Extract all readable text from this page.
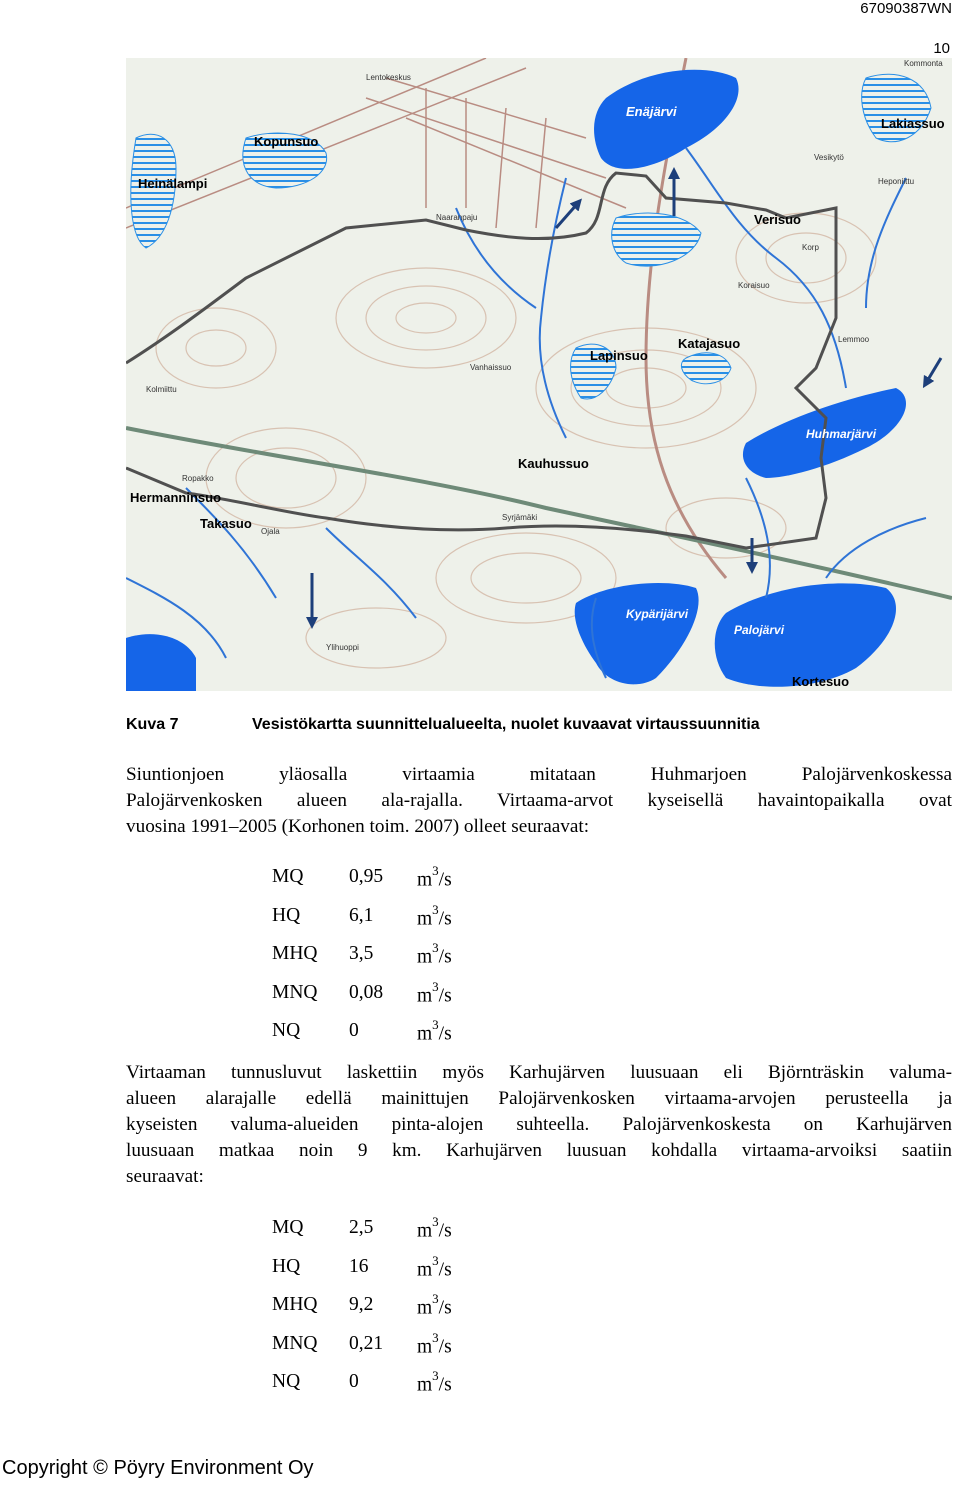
67090387WN
10
Lentokeskus
Enäjärvi
Kommonta
Lakiassuo
Kopunsuo
Heinälampi
Vesikytö
Heponiittu
Naaranpaju	Verisuo
Korp
Koraisuo
Lapinsuo
Katajasuo	Lemmoo
Vanhaissuo
Kolmiittu
Huhmarjärvi
Kauhussuo
Ropakko
Hermanninsuo
Syrjämäki
Takasuo
Ojala
Kypärijärvi
Palojärvi
Ylihuoppi
Kortesuo
Kuva 7	Vesistökartta suunnittelualueelta, nuolet kuvaavat virtaussuunnitia
Siuntionjoen yläosalla virtaamia mitataan Huhmarjoen Palojärvenkoskessa
Palojärvenkosken alueen ala-rajalla. Virtaama-arvot kyseisellä havaintopaikalla ovat
vuosina 1991–2005 (Korhonen toim. 2007) olleet seuraavat:
MQ 0,95 $m^3/s$
HQ	6,1 $m^3/s$
MHQ 3,5 $m^3/s$
MNQ 0,08 $m^3/s$
NQ	0	$m^3/s$
Virtaaman tunnusluvut laskettiin myös Karhujärven luusuaan eli Björnträskin valuma-
alueen alarajalle edellä mainittujen Palojärvenkosken virtaama-arvojen perusteella ja
kyseisten valuma-alueiden pinta-alojen suhteella. Palojärvenkoskesta on Karhujärven
luusuaan matkaa noin 9 km. Karhujärven luusuan kohdalla virtaama-arvoiksi saatiin
seuraavat:
MQ 2,5 $m^3/s$
HQ	16 $m^3/s$
MHQ 9,2 $m^3/s$
MNQ 0,21 $m^3/s$
NQ	0	$m^3/s$
Copyright © Pöyry Environment Oy
